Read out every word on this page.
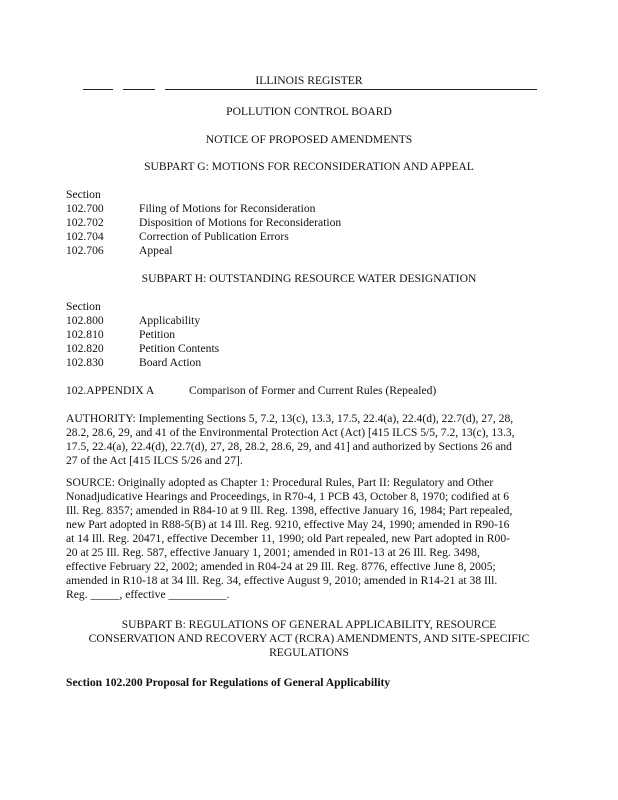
ILLINOIS REGISTER
POLLUTION CONTROL BOARD
NOTICE OF PROPOSED AMENDMENTS
SUBPART G: MOTIONS FOR RECONSIDERATION AND APPEAL
Section
102.700	Filing of Motions for Reconsideration
102.702	Disposition of Motions for Reconsideration
102.704	Correction of Publication Errors
102.706	Appeal
SUBPART H: OUTSTANDING RESOURCE WATER DESIGNATION
Section
102.800	Applicability
102.810	Petition
102.820	Petition Contents
102.830	Board Action
102.APPENDIX A	Comparison of Former and Current Rules (Repealed)
AUTHORITY: Implementing Sections 5, 7.2, 13(c), 13.3, 17.5, 22.4(a), 22.4(d), 22.7(d), 27, 28,
28.2, 28.6, 29, and 41 of the Environmental Protection Act (Act) [415 ILCS 5/5, 7.2, 13(c), 13.3,
17.5, 22.4(a), 22.4(d), 22.7(d), 27, 28, 28.2, 28.6, 29, and 41] and authorized by Sections 26 and
27 of the Act [415 ILCS 5/26 and 27].
SOURCE: Originally adopted as Chapter 1: Procedural Rules, Part II: Regulatory and Other
Nonadjudicative Hearings and Proceedings, in R70-4, 1 PCB 43, October 8, 1970; codified at 6
Ill. Reg. 8357; amended in R84-10 at 9 Ill. Reg. 1398, effective January 16, 1984; Part repealed,
new Part adopted in R88-5(B) at 14 Ill. Reg. 9210, effective May 24, 1990; amended in R90-16
at 14 Ill. Reg. 20471, effective December 11, 1990; old Part repealed, new Part adopted in R00-
20 at 25 Ill. Reg. 587, effective January 1, 2001; amended in R01-13 at 26 Ill. Reg. 3498,
effective February 22, 2002; amended in R04-24 at 29 Ill. Reg. 8776, effective June 8, 2005;
amended in R10-18 at 34 Ill. Reg. 34, effective August 9, 2010; amended in R14-21 at 38 Ill.
Reg. _____, effective __________.
SUBPART B: REGULATIONS OF GENERAL APPLICABILITY, RESOURCE
CONSERVATION AND RECOVERY ACT (RCRA) AMENDMENTS, AND SITE-SPECIFIC
REGULATIONS
Section 102.200 Proposal for Regulations of General Applicability
